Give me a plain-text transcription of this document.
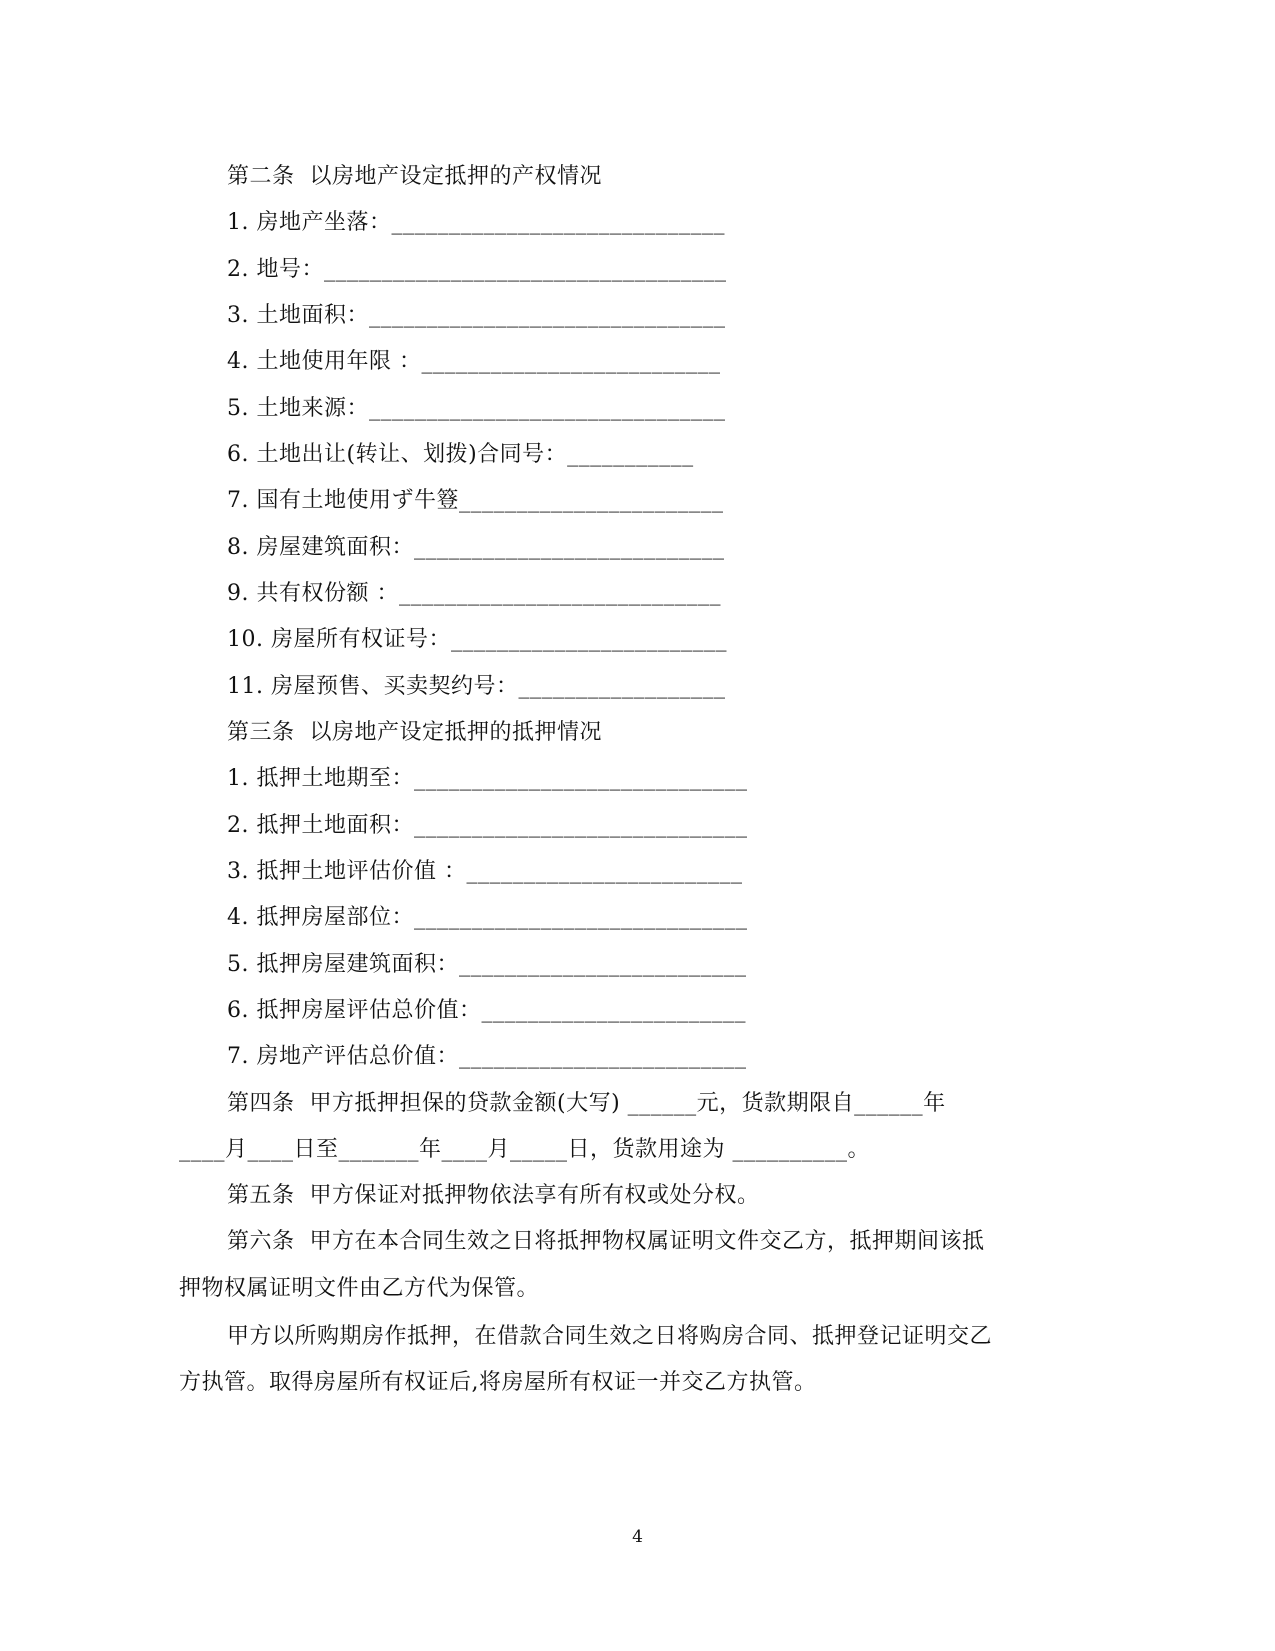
第二条  以房地产设定抵押的产权情况
1. 房地产坐落：_____________________________
2. 地号：___________________________________
3. 土地面积：_______________________________
4. 土地使用年限 ：__________________________
5. 土地来源：_______________________________
6. 土地出让(转让、划拨)合同号：___________
7. 国有土地使用ず牛簦_______________________
8. 房屋建筑面积：___________________________
9. 共有权份额 ：____________________________
10. 房屋所有权证号：________________________
11. 房屋预售、买卖契约号：__________________
第三条  以房地产设定抵押的抵押情况
1. 抵押土地期至：_____________________________
2. 抵押土地面积：_____________________________
3. 抵押土地评估价值 ：________________________
4. 抵押房屋部位：_____________________________
5. 抵押房屋建筑面积：_________________________
6. 抵押房屋评估总价值：_______________________
7. 房地产评估总价值：_________________________
第四条  甲方抵押担保的贷款金额(大写) ______元，货款期限自______年
____月____日至_______年____月_____日，货款用途为 __________。
第五条  甲方保证对抵押物依法享有所有权或处分权。
第六条  甲方在本合同生效之日将抵押物权属证明文件交乙方，抵押期间该抵
押物权属证明文件由乙方代为保管。
甲方以所购期房作抵押，在借款合同生效之日将购房合同、抵押登记证明交乙
方执管。取得房屋所有权证后,将房屋所有权证一并交乙方执管。
4
